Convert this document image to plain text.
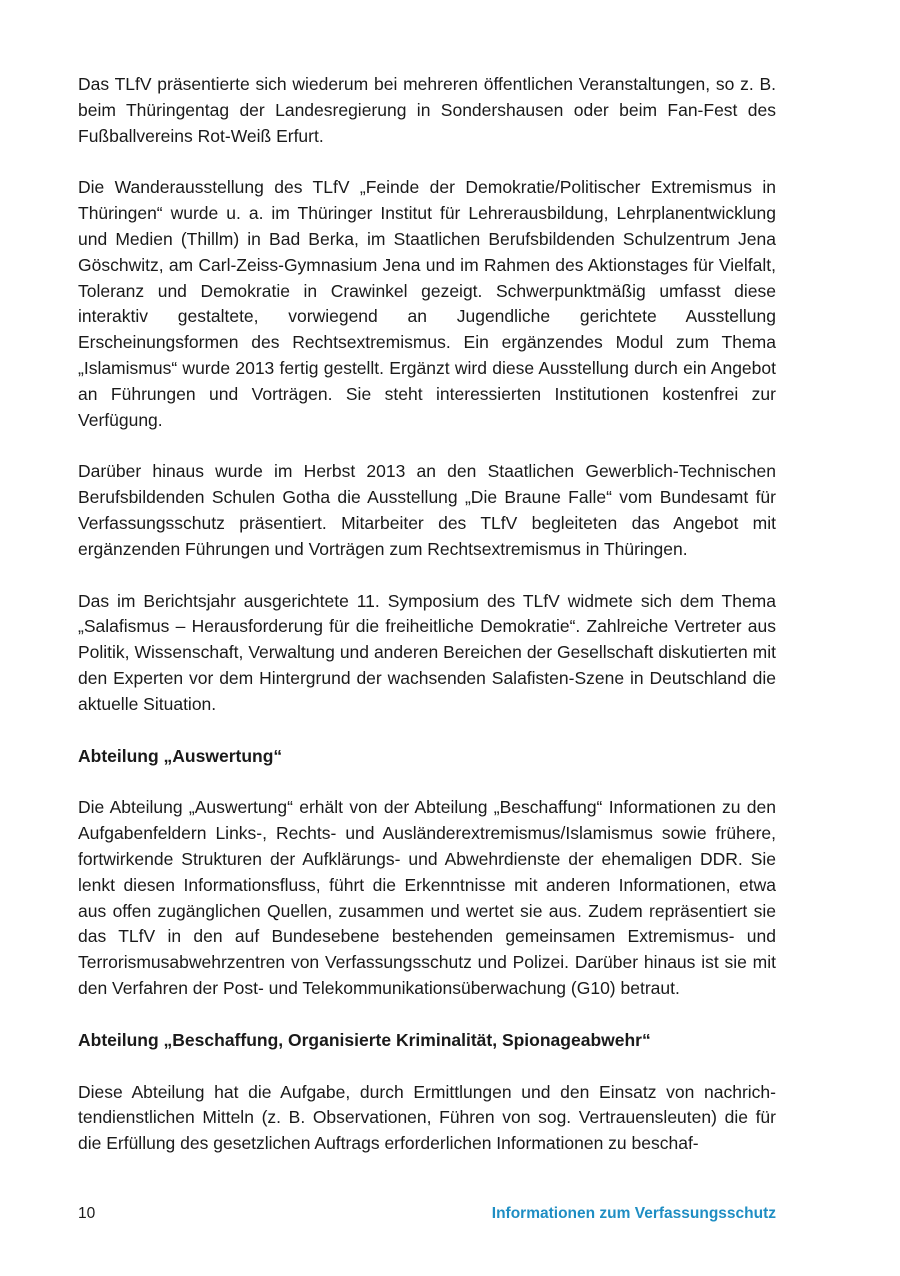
Das TLfV präsentierte sich wiederum bei mehreren öffentlichen Veranstaltungen, so z. B. beim Thüringentag der Landesregierung in Sondershausen oder beim Fan-Fest des Fußballvereins Rot-Weiß Erfurt.

Die Wanderausstellung des TLfV „Feinde der Demokratie/Politischer Extremismus in Thüringen“ wurde u. a. im Thüringer Institut für Lehrerausbildung, Lehrplanentwicklung und Medien (Thillm) in Bad Berka, im Staatlichen Berufsbildenden Schulzentrum Jena Göschwitz, am Carl-Zeiss-Gymnasium Jena und im Rahmen des Aktionstages für Vielfalt, Toleranz und Demokratie in Crawinkel gezeigt. Schwerpunktmäßig umfasst diese interaktiv gestaltete, vorwiegend an Jugendliche gerichtete Ausstellung Erscheinungsformen des Rechtsextremismus. Ein ergänzendes Modul zum Thema „Islamismus“ wurde 2013 fertig gestellt. Ergänzt wird diese Ausstellung durch ein Angebot an Führungen und Vorträgen. Sie steht interessierten Institutionen kostenfrei zur Verfügung.

Darüber hinaus wurde im Herbst 2013 an den Staatlichen Gewerblich-Technischen Berufsbildenden Schulen Gotha die Ausstellung „Die Braune Falle“ vom Bundesamt für Verfassungsschutz präsentiert. Mitarbeiter des TLfV begleiteten das Angebot mit ergänzenden Führungen und Vorträgen zum Rechtsextremismus in Thüringen.

Das im Berichtsjahr ausgerichtete 11. Symposium des TLfV widmete sich dem Thema „Salafismus – Herausforderung für die freiheitliche Demokratie“. Zahlreiche Vertreter aus Politik, Wissenschaft, Verwaltung und anderen Bereichen der Gesellschaft diskutierten mit den Experten vor dem Hintergrund der wachsenden Salafisten-Szene in Deutschland die aktuelle Situation.

Abteilung „Auswertung“

Die Abteilung „Auswertung“ erhält von der Abteilung „Beschaffung“ Informationen zu den Aufgabenfeldern Links-, Rechts- und Ausländerextremismus/Islamismus sowie frühere, fortwirkende Strukturen der Aufklärungs- und Abwehrdienste der ehemaligen DDR. Sie lenkt diesen Informationsfluss, führt die Erkenntnisse mit anderen Informationen, etwa aus offen zugänglichen Quellen, zusammen und wertet sie aus. Zudem repräsentiert sie das TLfV in den auf Bundesebene bestehenden gemeinsamen Extremismus- und Terrorismusabwehrzentren von Verfassungsschutz und Polizei. Darüber hinaus ist sie mit den Verfahren der Post- und Telekommunikationsüberwachung (G10) betraut.

Abteilung „Beschaffung, Organisierte Kriminalität, Spionageabwehr“

Diese Abteilung hat die Aufgabe, durch Ermittlungen und den Einsatz von nachrichtendienstlichen Mitteln (z. B. Observationen, Führen von sog. Vertrauensleuten) die für die Erfüllung des gesetzlichen Auftrags erforderlichen Informationen zu beschaf-

10	Informationen zum Verfassungsschutz
